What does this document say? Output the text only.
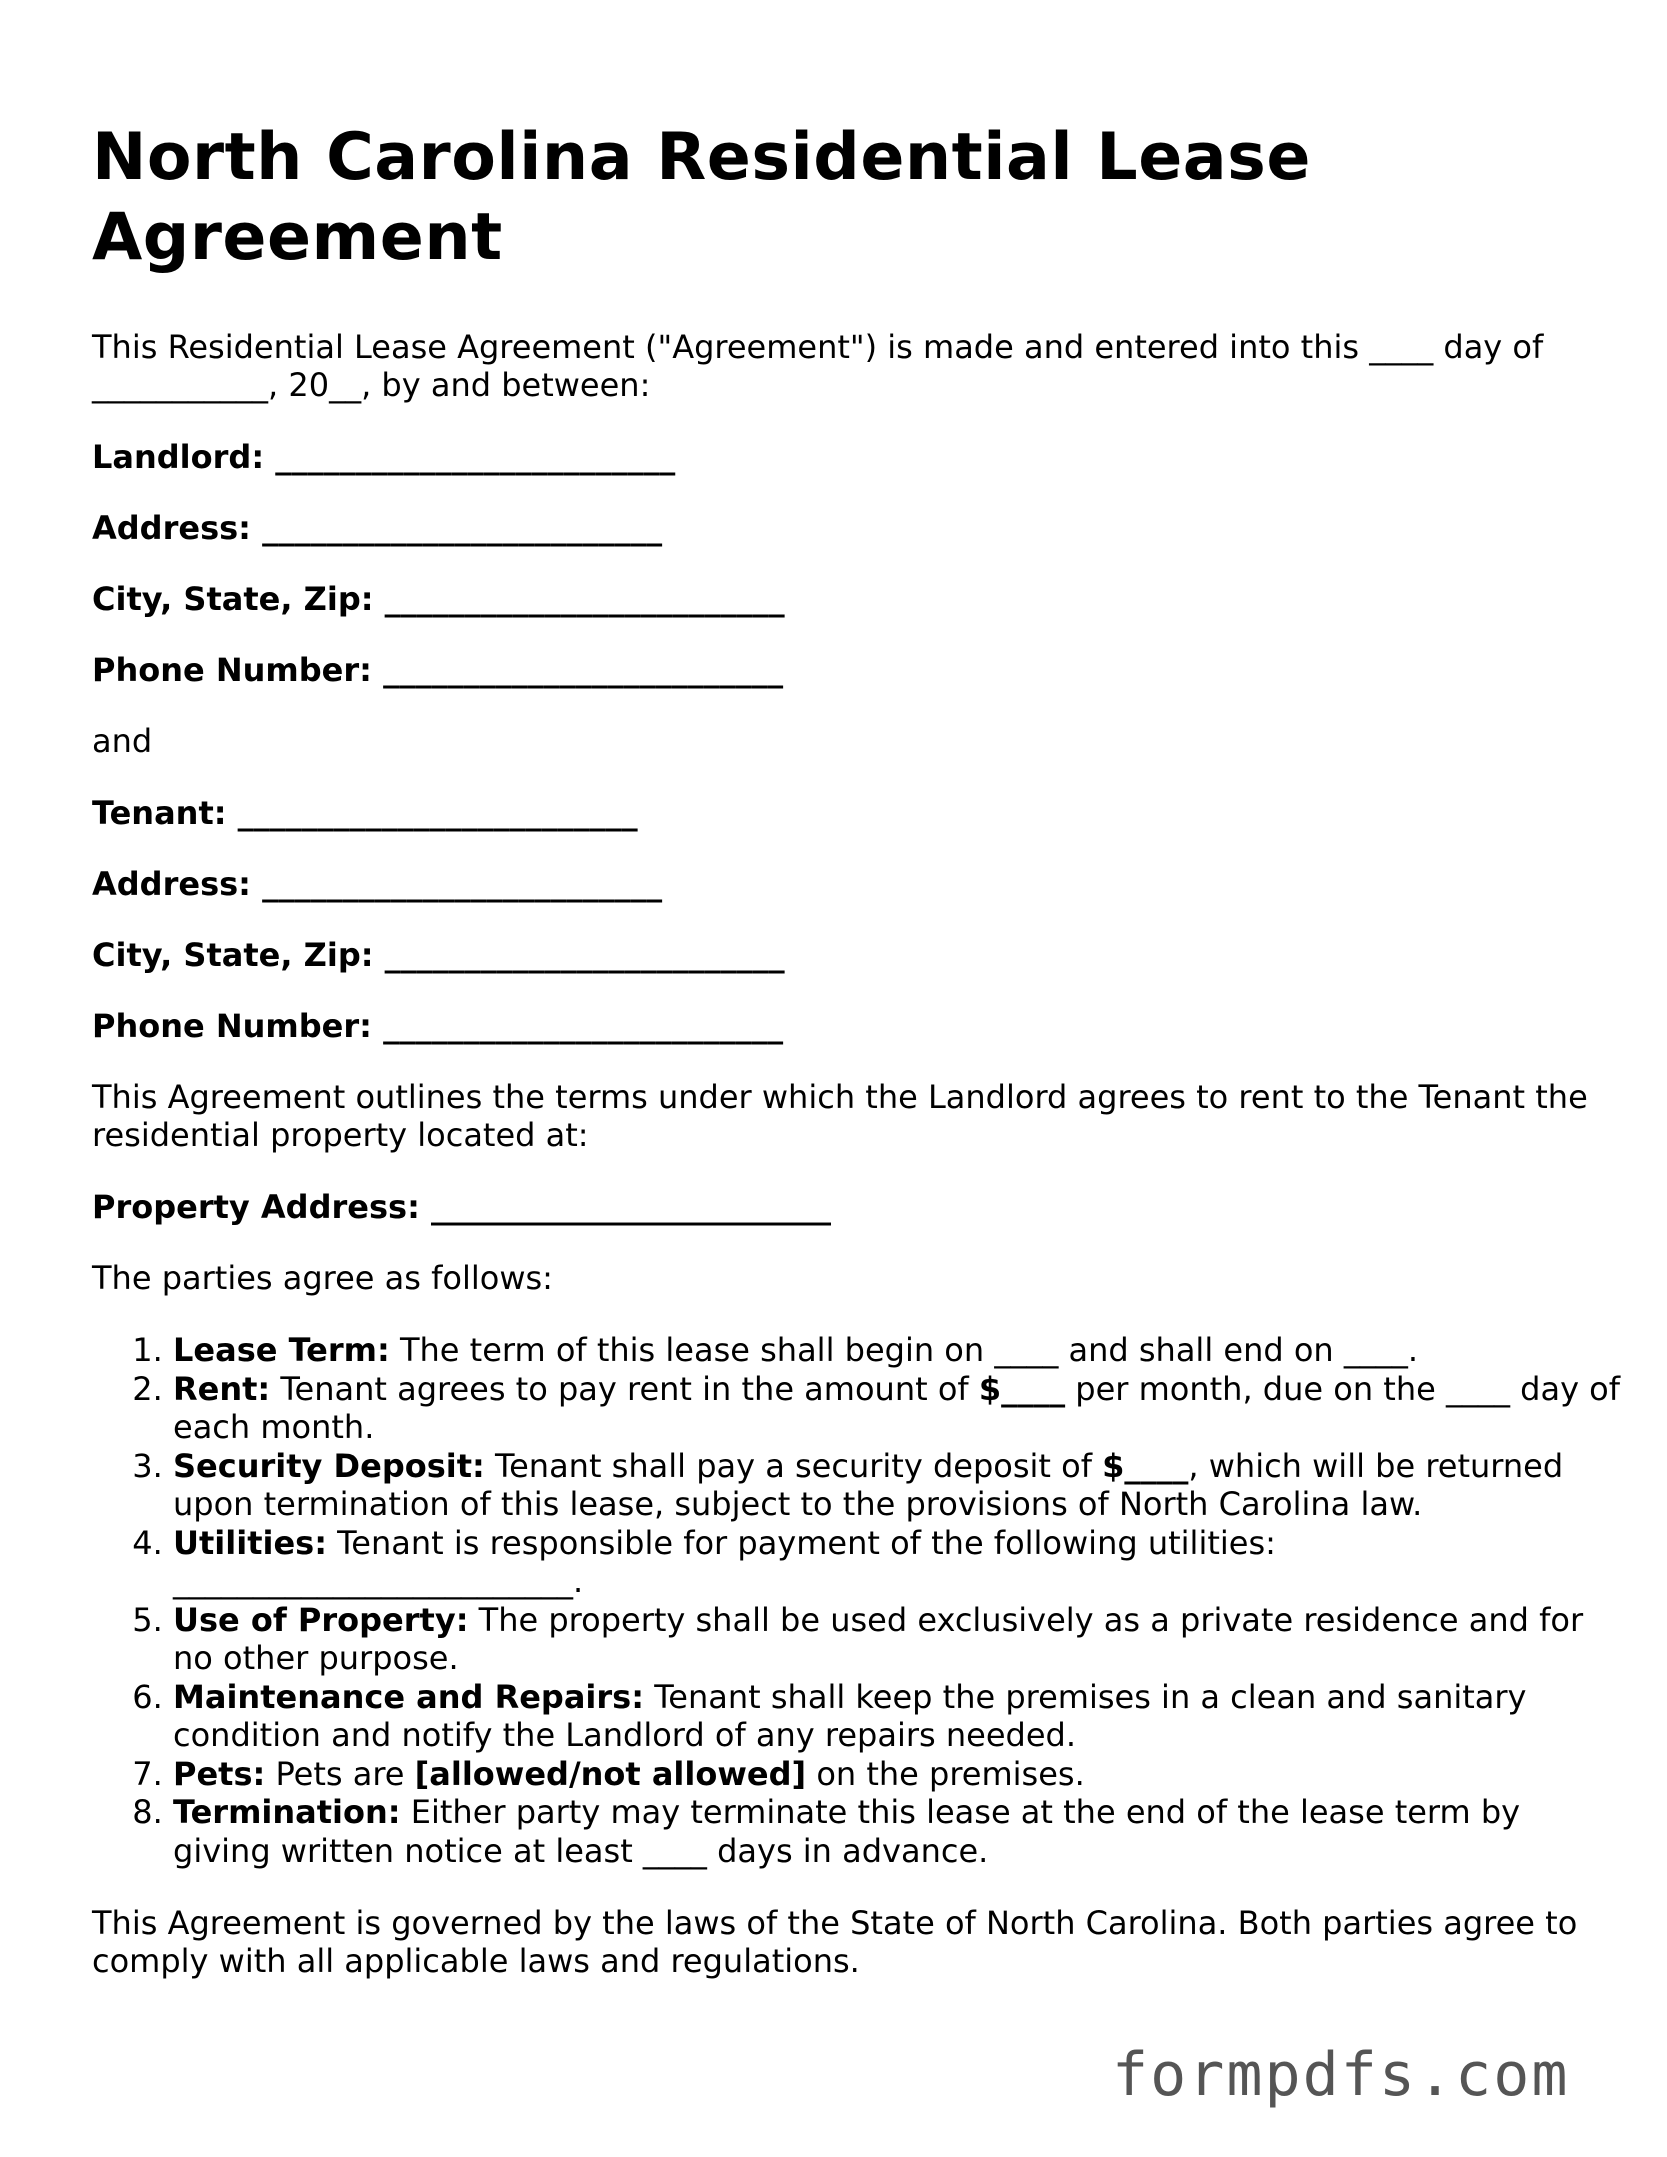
North Carolina Residential Lease Agreement

This Residential Lease Agreement ("Agreement") is made and entered into this ____ day of ___________, 20__, by and between:

Landlord: _________________________
Address: _________________________
City, State, Zip: _________________________
Phone Number: _________________________

and

Tenant: _________________________
Address: _________________________
City, State, Zip: _________________________
Phone Number: _________________________

This Agreement outlines the terms under which the Landlord agrees to rent to the Tenant the residential property located at:

Property Address: _________________________

The parties agree as follows:

1. Lease Term: The term of this lease shall begin on ____ and shall end on ____.
2. Rent: Tenant agrees to pay rent in the amount of $____ per month, due on the ____ day of each month.
3. Security Deposit: Tenant shall pay a security deposit of $____, which will be returned upon termination of this lease, subject to the provisions of North Carolina law.
4. Utilities: Tenant is responsible for payment of the following utilities: _________________________.
5. Use of Property: The property shall be used exclusively as a private residence and for no other purpose.
6. Maintenance and Repairs: Tenant shall keep the premises in a clean and sanitary condition and notify the Landlord of any repairs needed.
7. Pets: Pets are [allowed/not allowed] on the premises.
8. Termination: Either party may terminate this lease at the end of the lease term by giving written notice at least ____ days in advance.

This Agreement is governed by the laws of the State of North Carolina. Both parties agree to comply with all applicable laws and regulations.

formpdfs.com
